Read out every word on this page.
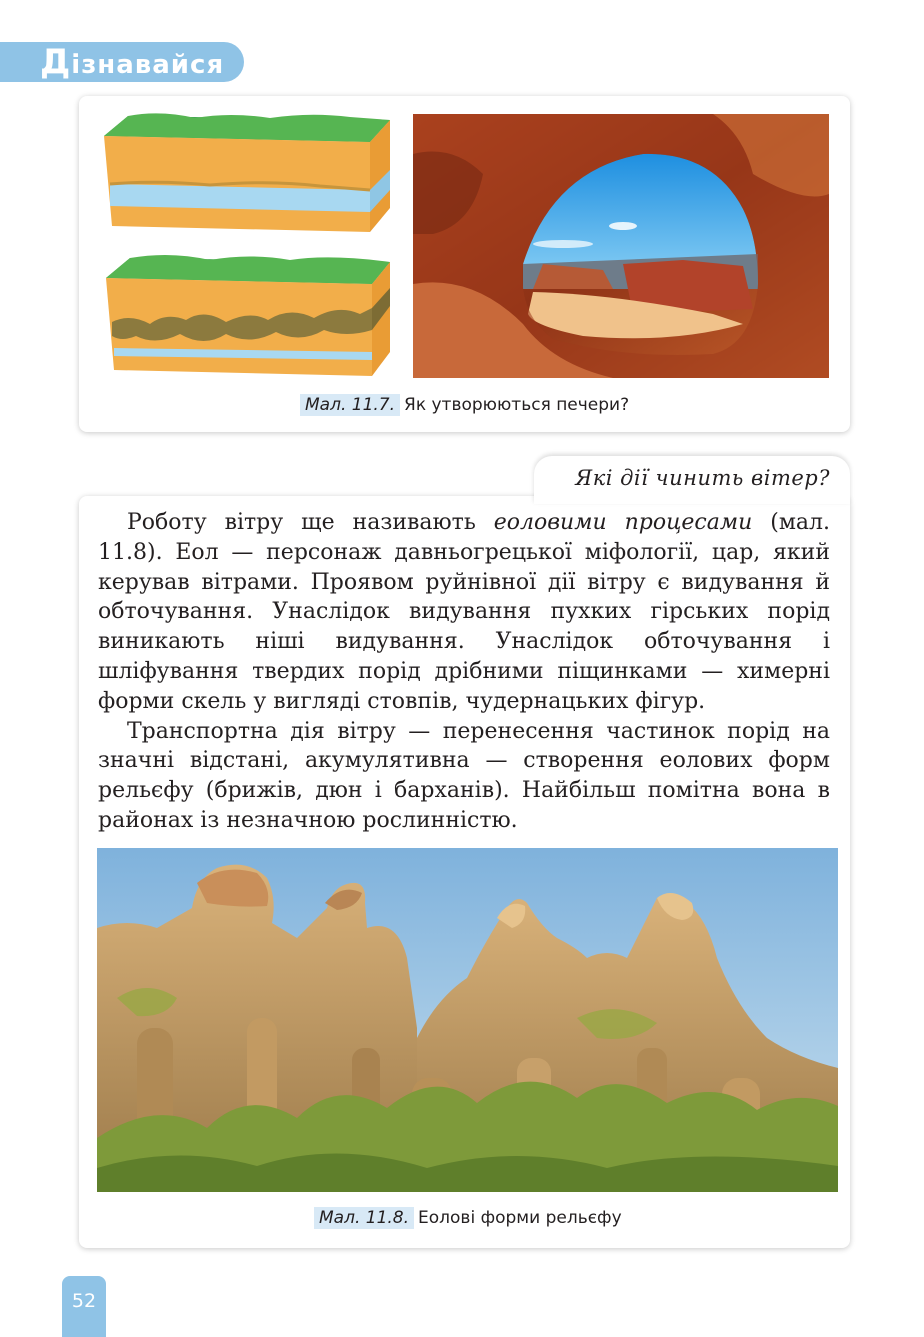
Дізнавайся
Мал. 11.7. Як утворюються печери?
Які дії чинить вітер?

Роботу вітру ще називають еоловими процесами (мал. 11.8). Еол — персонаж давньогрецької міфології, цар, який керував вітрами. Проявом руйнівної дії вітру є видування й обточування. Унаслідок видування пухких гірських порід виникають ніші видування. Унаслідок обточування і шліфування твердих порід дрібними піщинками — химерні форми скель у вигляді стовпів, чудернацьких фігур.

Транспортна дія вітру — перенесення частинок порід на значні відстані, акумулятивна — створення еолових форм рельєфу (брижів, дюн і барханів). Найбільш помітна вона в районах із незначною рослинністю.

Мал. 11.8. Еолові форми рельєфу
52
